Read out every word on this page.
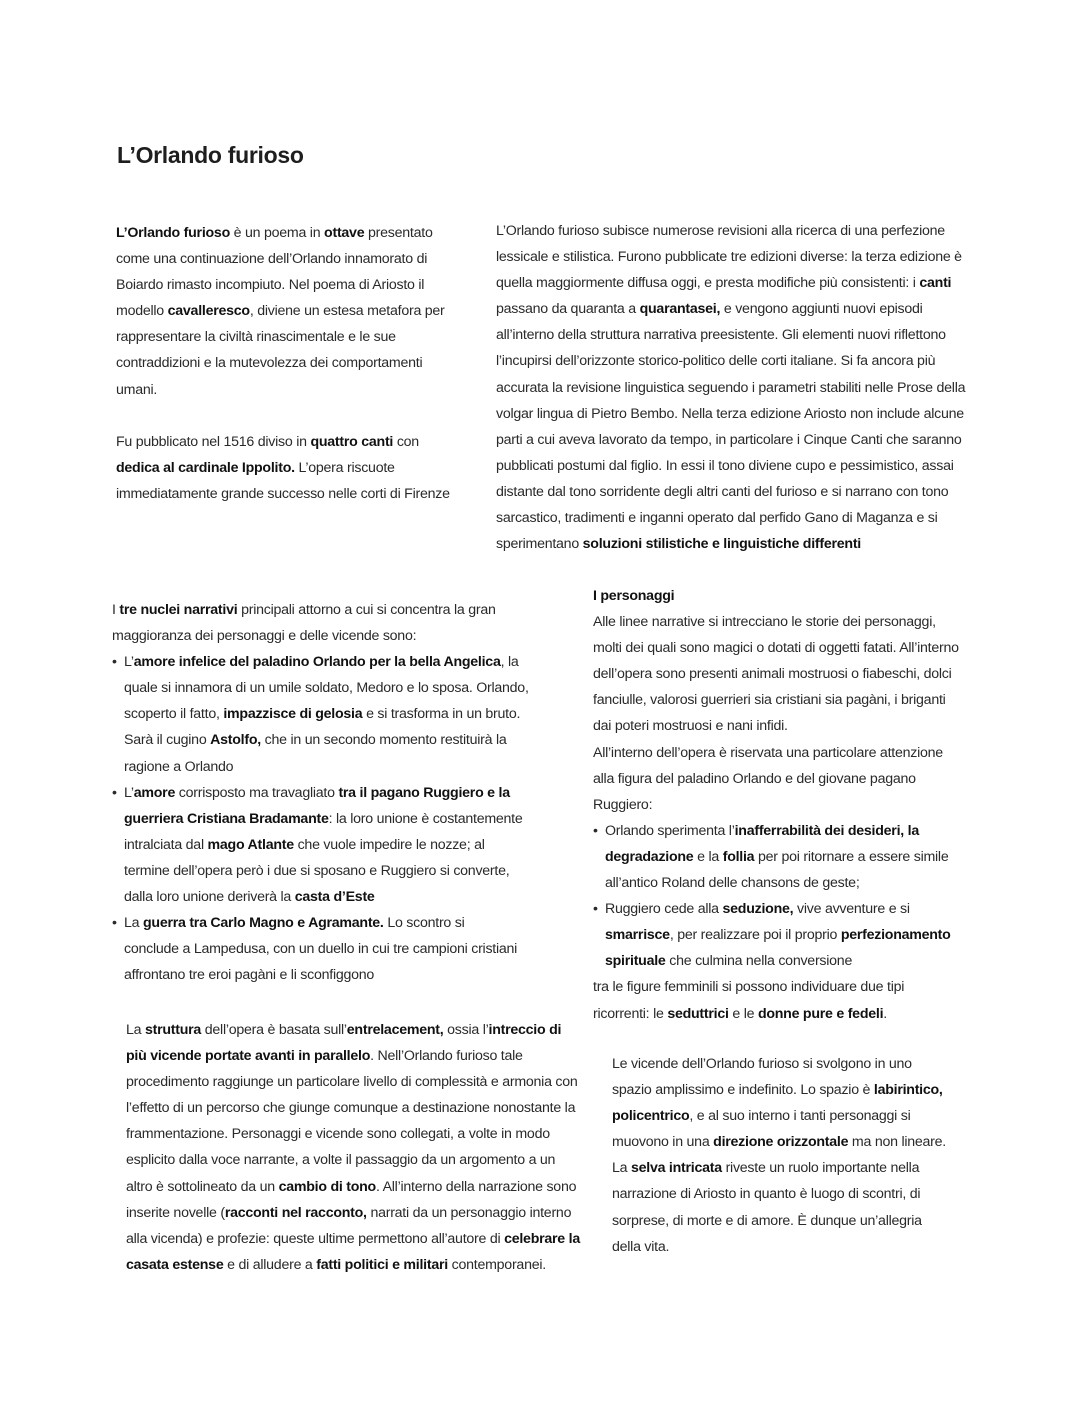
L’Orlando furioso
L’Orlando furioso è un poema in ottave presentato
come una continuazione dell’Orlando innamorato di
Boiardo rimasto incompiuto. Nel poema di Ariosto il
modello cavalleresco, diviene un estesa metafora per
rappresentare la civiltà rinascimentale e le sue
contraddizioni e la mutevolezza dei comportamenti
umani.
Fu pubblicato nel 1516 diviso in quattro canti con
dedica al cardinale Ippolito. L’opera riscuote
immediatamente grande successo nelle corti di Firenze
L’Orlando furioso subisce numerose revisioni alla ricerca di una perfezione
lessicale e stilistica. Furono pubblicate tre edizioni diverse: la terza edizione è
quella maggiormente diffusa oggi, e presta modifiche più consistenti: i canti
passano da quaranta a quarantasei, e vengono aggiunti nuovi episodi
all’interno della struttura narrativa preesistente. Gli elementi nuovi riflettono
l’incupirsi dell’orizzonte storico-politico delle corti italiane. Si fa ancora più
accurata la revisione linguistica seguendo i parametri stabiliti nelle Prose della
volgar lingua di Pietro Bembo. Nella terza edizione Ariosto non include alcune
parti a cui aveva lavorato da tempo, in particolare i Cinque Canti che saranno
pubblicati postumi dal figlio. In essi il tono diviene cupo e pessimistico, assai
distante dal tono sorridente degli altri canti del furioso e si narrano con tono
sarcastico, tradimenti e inganni operato dal perfido Gano di Maganza e si
sperimentano soluzioni stilistiche e linguistiche differenti
I tre nuclei narrativi principali attorno a cui si concentra la gran
maggioranza dei personaggi e delle vicende sono:
• L’amore infelice del paladino Orlando per la bella Angelica, la
quale si innamora di un umile soldato, Medoro e lo sposa. Orlando,
scoperto il fatto, impazzisce di gelosia e si trasforma in un bruto.
Sarà il cugino Astolfo, che in un secondo momento restituirà la
ragione a Orlando
• L’amore corrisposto ma travagliato tra il pagano Ruggiero e la
guerriera Cristiana Bradamante: la loro unione è costantemente
intralciata dal mago Atlante che vuole impedire le nozze; al
termine dell’opera però i due si sposano e Ruggiero si converte,
dalla loro unione deriverà la casta d’Este
• La guerra tra Carlo Magno e Agramante. Lo scontro si
conclude a Lampedusa, con un duello in cui tre campioni cristiani
affrontano tre eroi pagàni e li sconfiggono
La struttura dell’opera è basata sull’entrelacement, ossia l’intreccio di
più vicende portate avanti in parallelo. Nell’Orlando furioso tale
procedimento raggiunge un particolare livello di complessità e armonia con
l’effetto di un percorso che giunge comunque a destinazione nonostante la
frammentazione. Personaggi e vicende sono collegati, a volte in modo
esplicito dalla voce narrante, a volte il passaggio da un argomento a un
altro è sottolineato da un cambio di tono. All’interno della narrazione sono
inserite novelle (racconti nel racconto, narrati da un personaggio interno
alla vicenda) e profezie: queste ultime permettono all’autore di celebrare la
casata estense e di alludere a fatti politici e militari contemporanei.
I personaggi
Alle linee narrative si intrecciano le storie dei personaggi,
molti dei quali sono magici o dotati di oggetti fatati. All’interno
dell’opera sono presenti animali mostruosi o fiabeschi, dolci
fanciulle, valorosi guerrieri sia cristiani sia pagàni, i briganti
dai poteri mostruosi e nani infidi.
All’interno dell’opera è riservata una particolare attenzione
alla figura del paladino Orlando e del giovane pagano
Ruggiero:
• Orlando sperimenta l’inafferrabilità dei desideri, la
degradazione e la follia per poi ritornare a essere simile
all’antico Roland delle chansons de geste;
• Ruggiero cede alla seduzione, vive avventure e si
smarrisce, per realizzare poi il proprio perfezionamento
spirituale che culmina nella conversione
tra le figure femminili si possono individuare due tipi
ricorrenti: le seduttrici e le donne pure e fedeli.
Le vicende dell’Orlando furioso si svolgono in uno
spazio amplissimo e indefinito. Lo spazio è labirintico,
policentrico, e al suo interno i tanti personaggi si
muovono in una direzione orizzontale ma non lineare.
La selva intricata riveste un ruolo importante nella
narrazione di Ariosto in quanto è luogo di scontri, di
sorprese, di morte e di amore. È dunque un’allegria
della vita.
